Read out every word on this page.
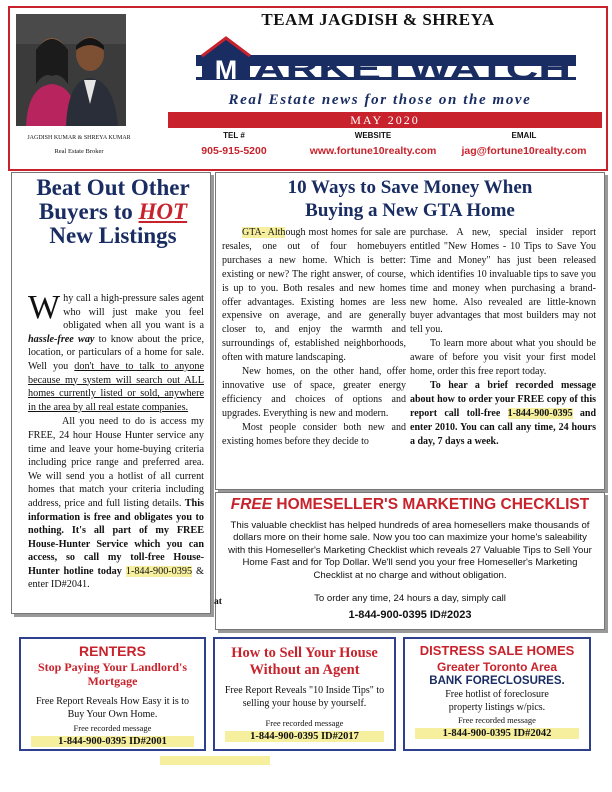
JAGDISH KUMAR & SHREYA KUMAR
Real Estate Broker
TEAM JAGDISH & SHREYA
M ARKETWATCH
Real Estate news for those on the move
MAY 2020
TEL #	WEBSITE	EMAIL
905-915-5200	www.fortune10realty.com	jag@fortune10realty.com
Beat Out Other Buyers to HOT New Listings

Why call a high-pressure sales agent who will just make you feel obligated when all you want is a hassle-free way to know about the price, location, or particulars of a home for sale. Well you don't have to talk to anyone because my system will search out ALL homes currently listed or sold, anywhere in the area by all real estate companies.

All you need to do is access my FREE, 24 hour House Hunter service any time and leave your home-buying criteria including price range and preferred area. We will send you a hotlist of all current homes that match your criteria including address, price and full listing details. This information is free and obligates you to nothing. It's all part of my FREE House-Hunter Service which you can access, so call my toll-free House-Hunter hotline today 1-844-900-0395 & enter ID#2041.

10 Ways to Save Money When
Buying a New GTA Home

GTA- Although most homes for sale are resales, one out of four homebuyers purchases a new home. Which is better: existing or new? The right answer, of course, is up to you. Both resales and new homes offer advantages. Existing homes are less expensive on average, and are generally closer to, and enjoy the warmth and surroundings of, established neighborhoods, often with mature landscaping.

New homes, on the other hand, offer innovative use of space, greater energy efficiency and choices of options and upgrades. Everything is new and modern.

Most people consider both new and existing homes before they decide to

purchase. A new, special insider report entitled "New Homes - 10 Tips to Save You Time and Money" has just been released which identifies 10 invaluable tips to save you time and money when purchasing a brand-new home. Also revealed are little-known buyer advantages that most builders may not tell you.

To learn more about what you should be aware of before you visit your first model home, order this free report today.

To hear a brief recorded message about how to order your FREE copy of this report call toll-free 1-844-900-0395 and enter 2010. You can call any time, 24 hours a day, 7 days a week.

FREE HOMESELLER'S MARKETING CHECKLIST
This valuable checklist has helped hundreds of area homesellers make thousands of dollars more on their home sale. Now you too can maximize your home's saleability with this Homeseller's Marketing Checklist which reveals 27 Valuable Tips to Sell Your Home Fast and for Top Dollar. We'll send you your free Homeseller's Marketing Checklist at no charge and without obligation.
To order any time, 24 hours a day, simply call
1-844-900-0395 ID#2023
at
RENTERS
Stop Paying Your Landlord's Mortgage
Free Report Reveals How Easy it is to Buy Your Own Home.
Free recorded message
1-844-900-0395 ID#2001
How to Sell Your House Without an Agent
Free Report Reveals "10 Inside Tips" to selling your house by yourself.
Free recorded message
1-844-900-0395 ID#2017
DISTRESS SALE HOMES
Greater Toronto Area
BANK FORECLOSURES.
Free hotlist of foreclosure property listings w/pics.
Free recorded message
1-844-900-0395 ID#2042
